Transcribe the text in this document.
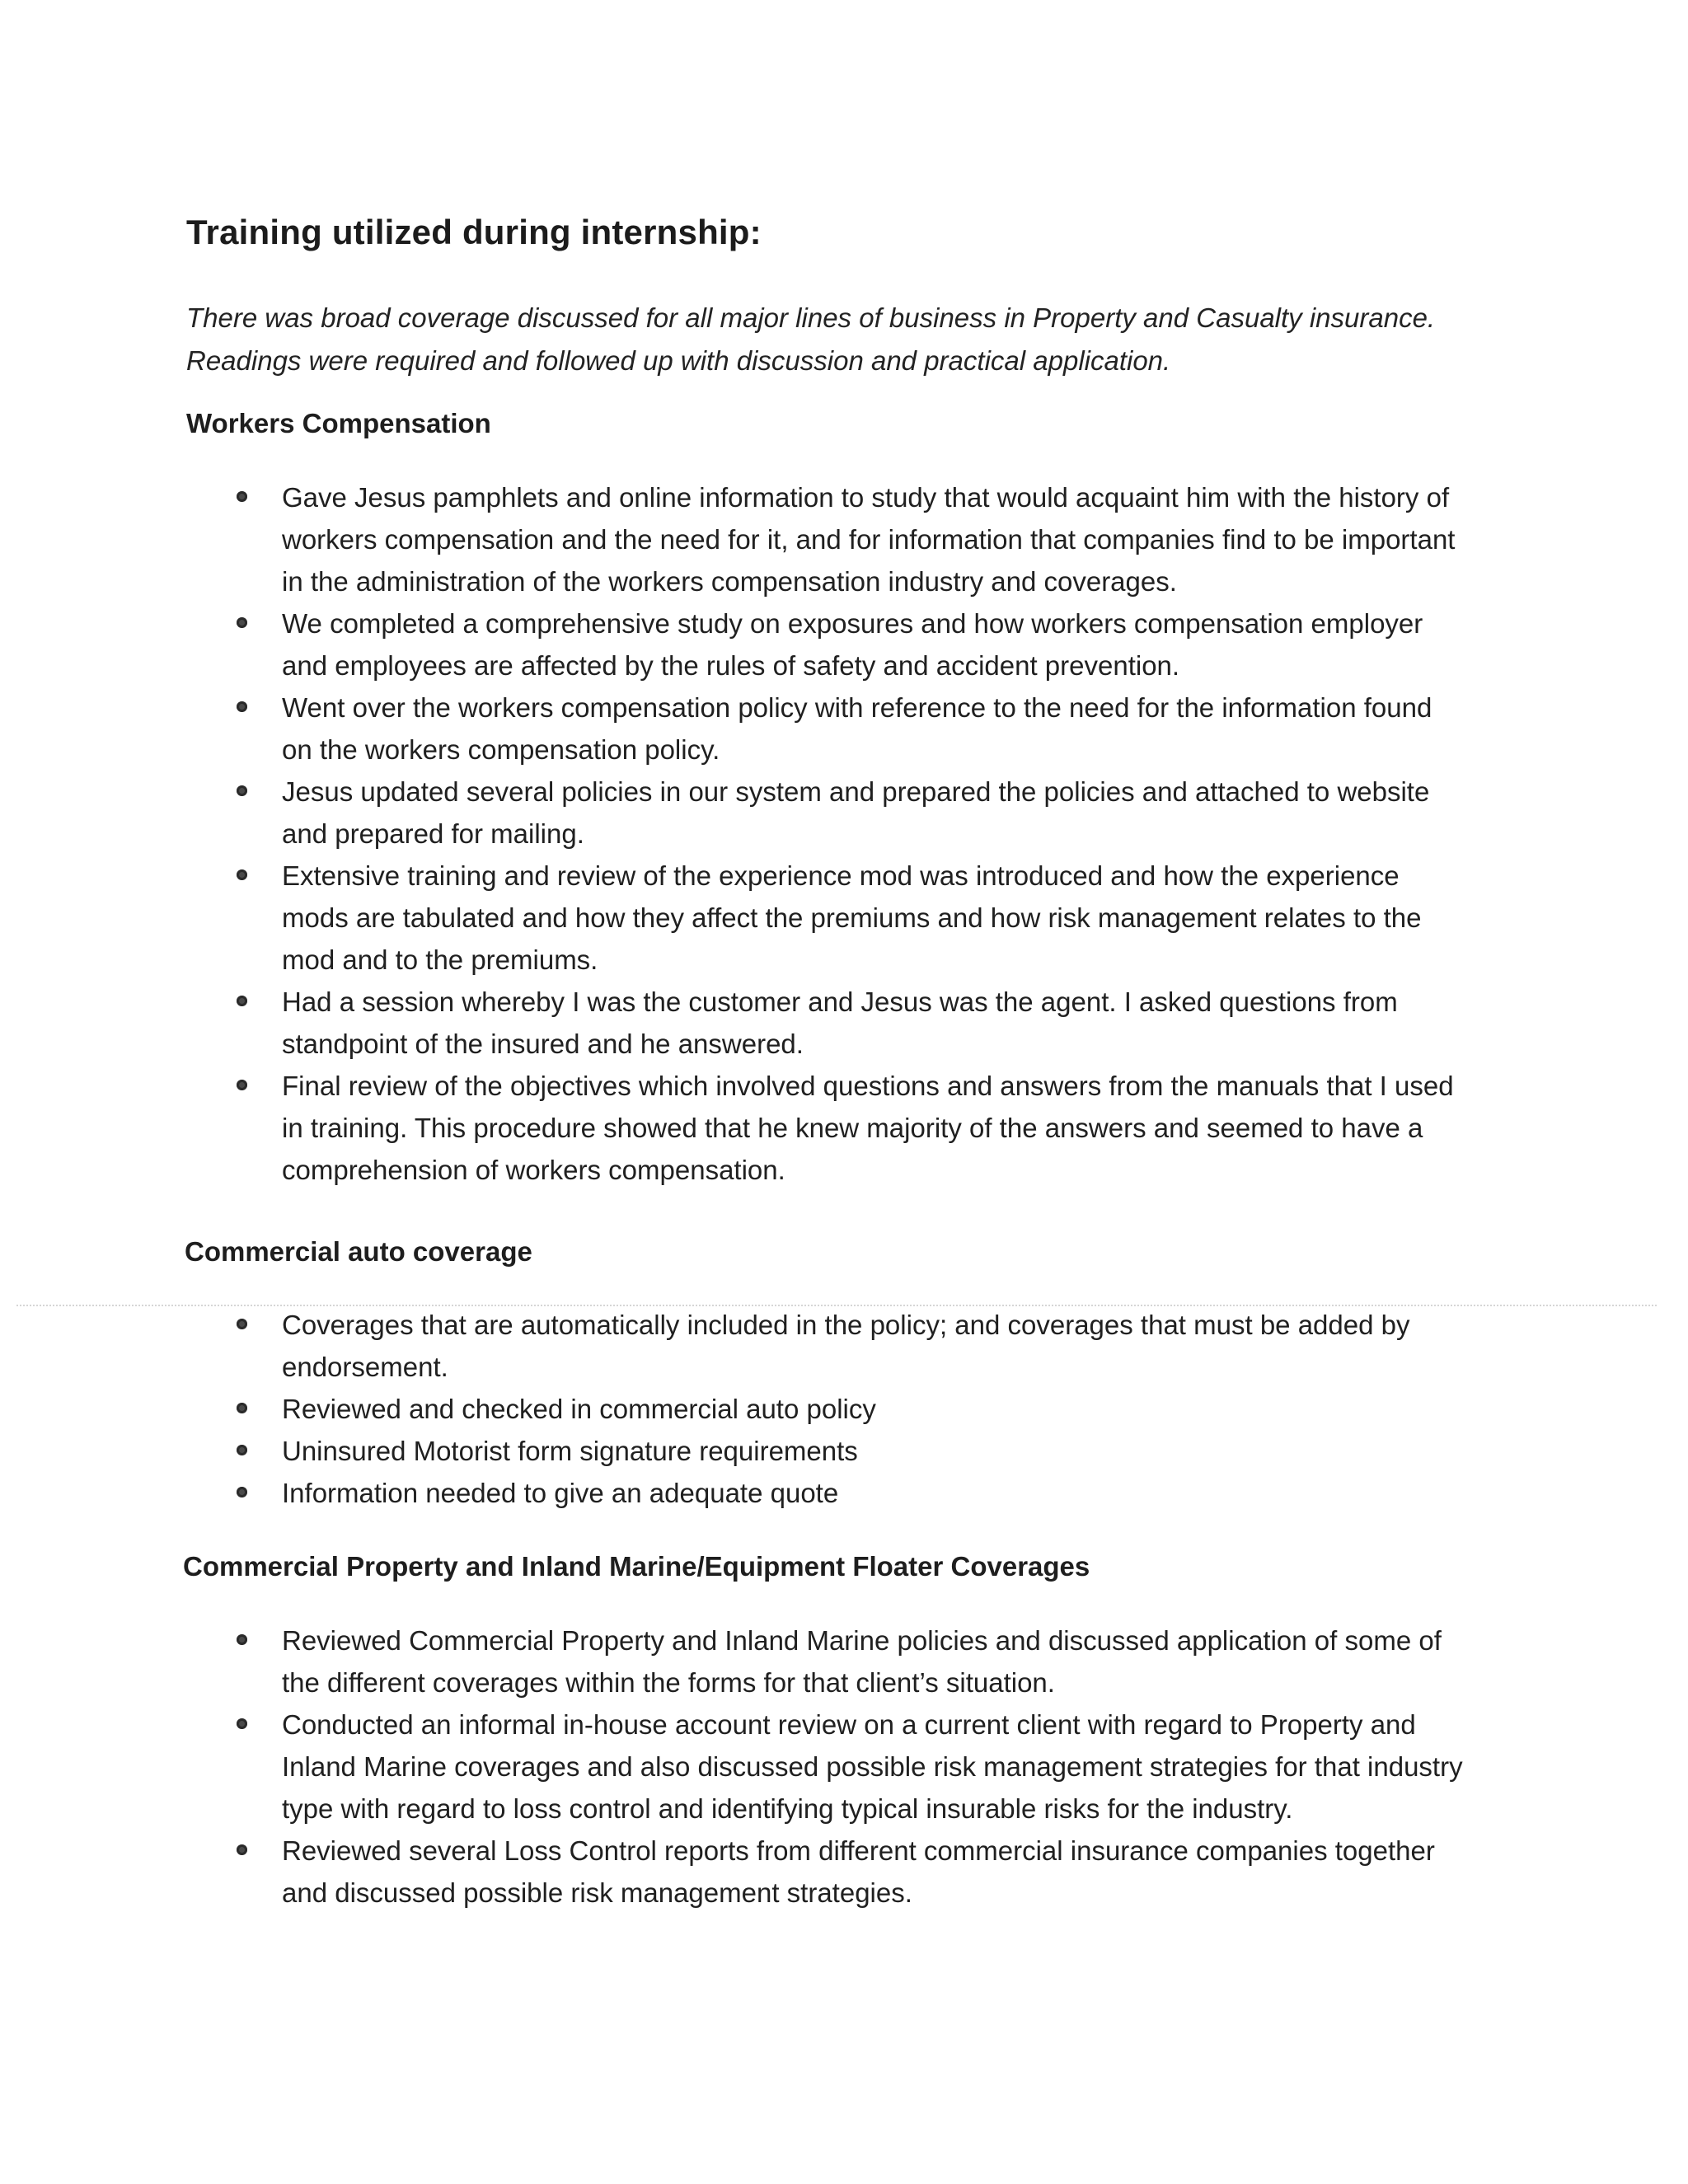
Training utilized during internship:

There was broad coverage discussed for all major lines of business in Property and Casualty insurance.

Readings were required and followed up with discussion and practical application.

Workers Compensation
Gave Jesus pamphlets and online information to study that would acquaint him with the history of workers compensation and the need for it, and for information that companies find to be important in the administration of the workers compensation industry and coverages.
We completed a comprehensive study on exposures and how workers compensation employer and employees are affected by the rules of safety and accident prevention.
Went over the workers compensation policy with reference to the need for the information found on the workers compensation policy.
Jesus updated several policies in our system and prepared the policies and attached to website and prepared for mailing.
Extensive training and review of the experience mod was introduced and how the experience mods are tabulated and how they affect the premiums and how risk management relates to the mod and to the premiums.
Had a session whereby I was the customer and Jesus was the agent. I asked questions from standpoint of the insured and he answered.
Final review of the objectives which involved questions and answers from the manuals that I used in training. This procedure showed that he knew majority of the answers and seemed to have a comprehension of workers compensation.
Commercial auto coverage
Coverages that are automatically included in the policy; and coverages that must be added by endorsement.
Reviewed and checked in commercial auto policy
Uninsured Motorist form signature requirements
Information needed to give an adequate quote
Commercial Property and Inland Marine/Equipment Floater Coverages
Reviewed Commercial Property and Inland Marine policies and discussed application of some of the different coverages within the forms for that client’s situation.
Conducted an informal in-house account review on a current client with regard to Property and Inland Marine coverages and also discussed possible risk management strategies for that industry type with regard to loss control and identifying typical insurable risks for the industry.
Reviewed several Loss Control reports from different commercial insurance companies together and discussed possible risk management strategies.
